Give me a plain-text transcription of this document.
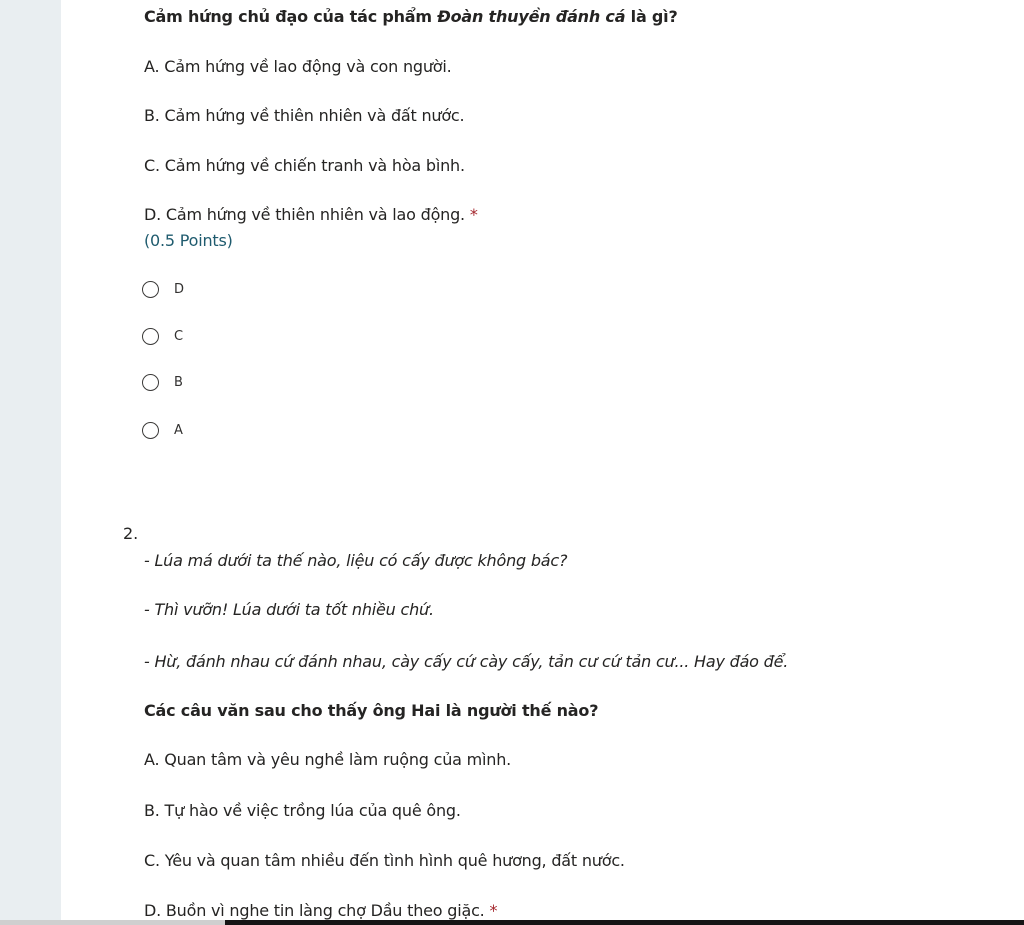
Cảm hứng chủ đạo của tác phẩm Đoàn thuyền đánh cá là gì?

A. Cảm hứng về lao động và con người.

B. Cảm hứng về thiên nhiên và đất nước.

C. Cảm hứng về chiến tranh và hòa bình.

D. Cảm hứng về thiên nhiên và lao động. *

(0.5 Points)

D
C
B
A

2.

- Lúa má dưới ta thế nào, liệu có cấy được không bác?

- Thì vưỡn! Lúa dưới ta tốt nhiều chứ.

- Hừ, đánh nhau cứ đánh nhau, cày cấy cứ cày cấy, tản cư cứ tản cư... Hay đáo để.

Các câu văn sau cho thấy ông Hai là người thế nào?

A. Quan tâm và yêu nghề làm ruộng của mình.

B. Tự hào về việc trồng lúa của quê ông.

C. Yêu và quan tâm nhiều đến tình hình quê hương, đất nước.

D. Buồn vì nghe tin làng chợ Dầu theo giặc. *
